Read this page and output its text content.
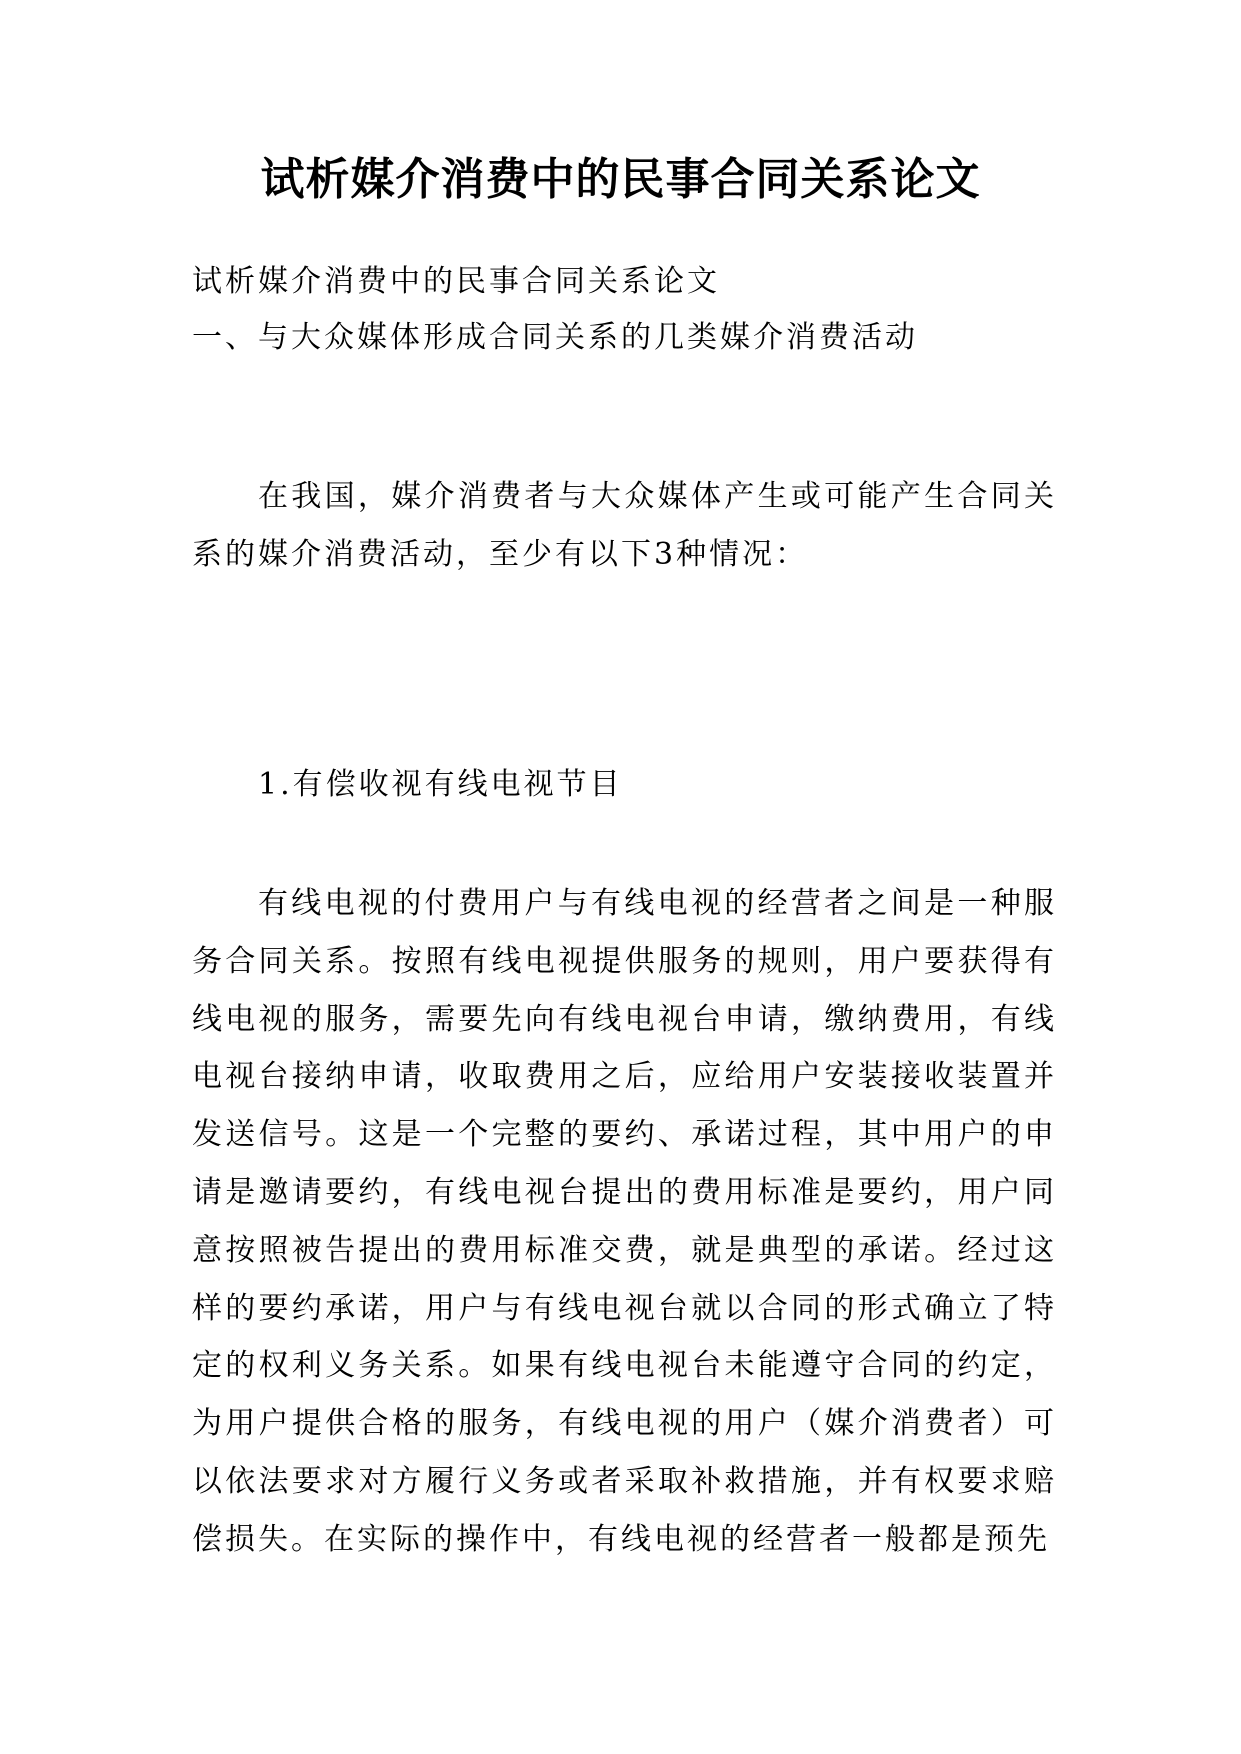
试析媒介消费中的民事合同关系论文
试析媒介消费中的民事合同关系论文
一、与大众媒体形成合同关系的几类媒介消费活动
在我国，媒介消费者与大众媒体产生或可能产生合同关系的媒介消费活动，至少有以下3种情况：
1.有偿收视有线电视节目
有线电视的付费用户与有线电视的经营者之间是一种服务合同关系。按照有线电视提供服务的规则，用户要获得有线电视的服务，需要先向有线电视台申请，缴纳费用，有线电视台接纳申请，收取费用之后，应给用户安装接收装置并发送信号。这是一个完整的要约、承诺过程，其中用户的申请是邀请要约，有线电视台提出的费用标准是要约，用户同意按照被告提出的费用标准交费，就是典型的承诺。经过这样的要约承诺，用户与有线电视台就以合同的形式确立了特定的权利义务关系。如果有线电视台未能遵守合同的约定，为用户提供合格的服务，有线电视的用户（媒介消费者）可以依法要求对方履行义务或者采取补救措施，并有权要求赔偿损失。在实际的操作中，有线电视的经营者一般都是预先
